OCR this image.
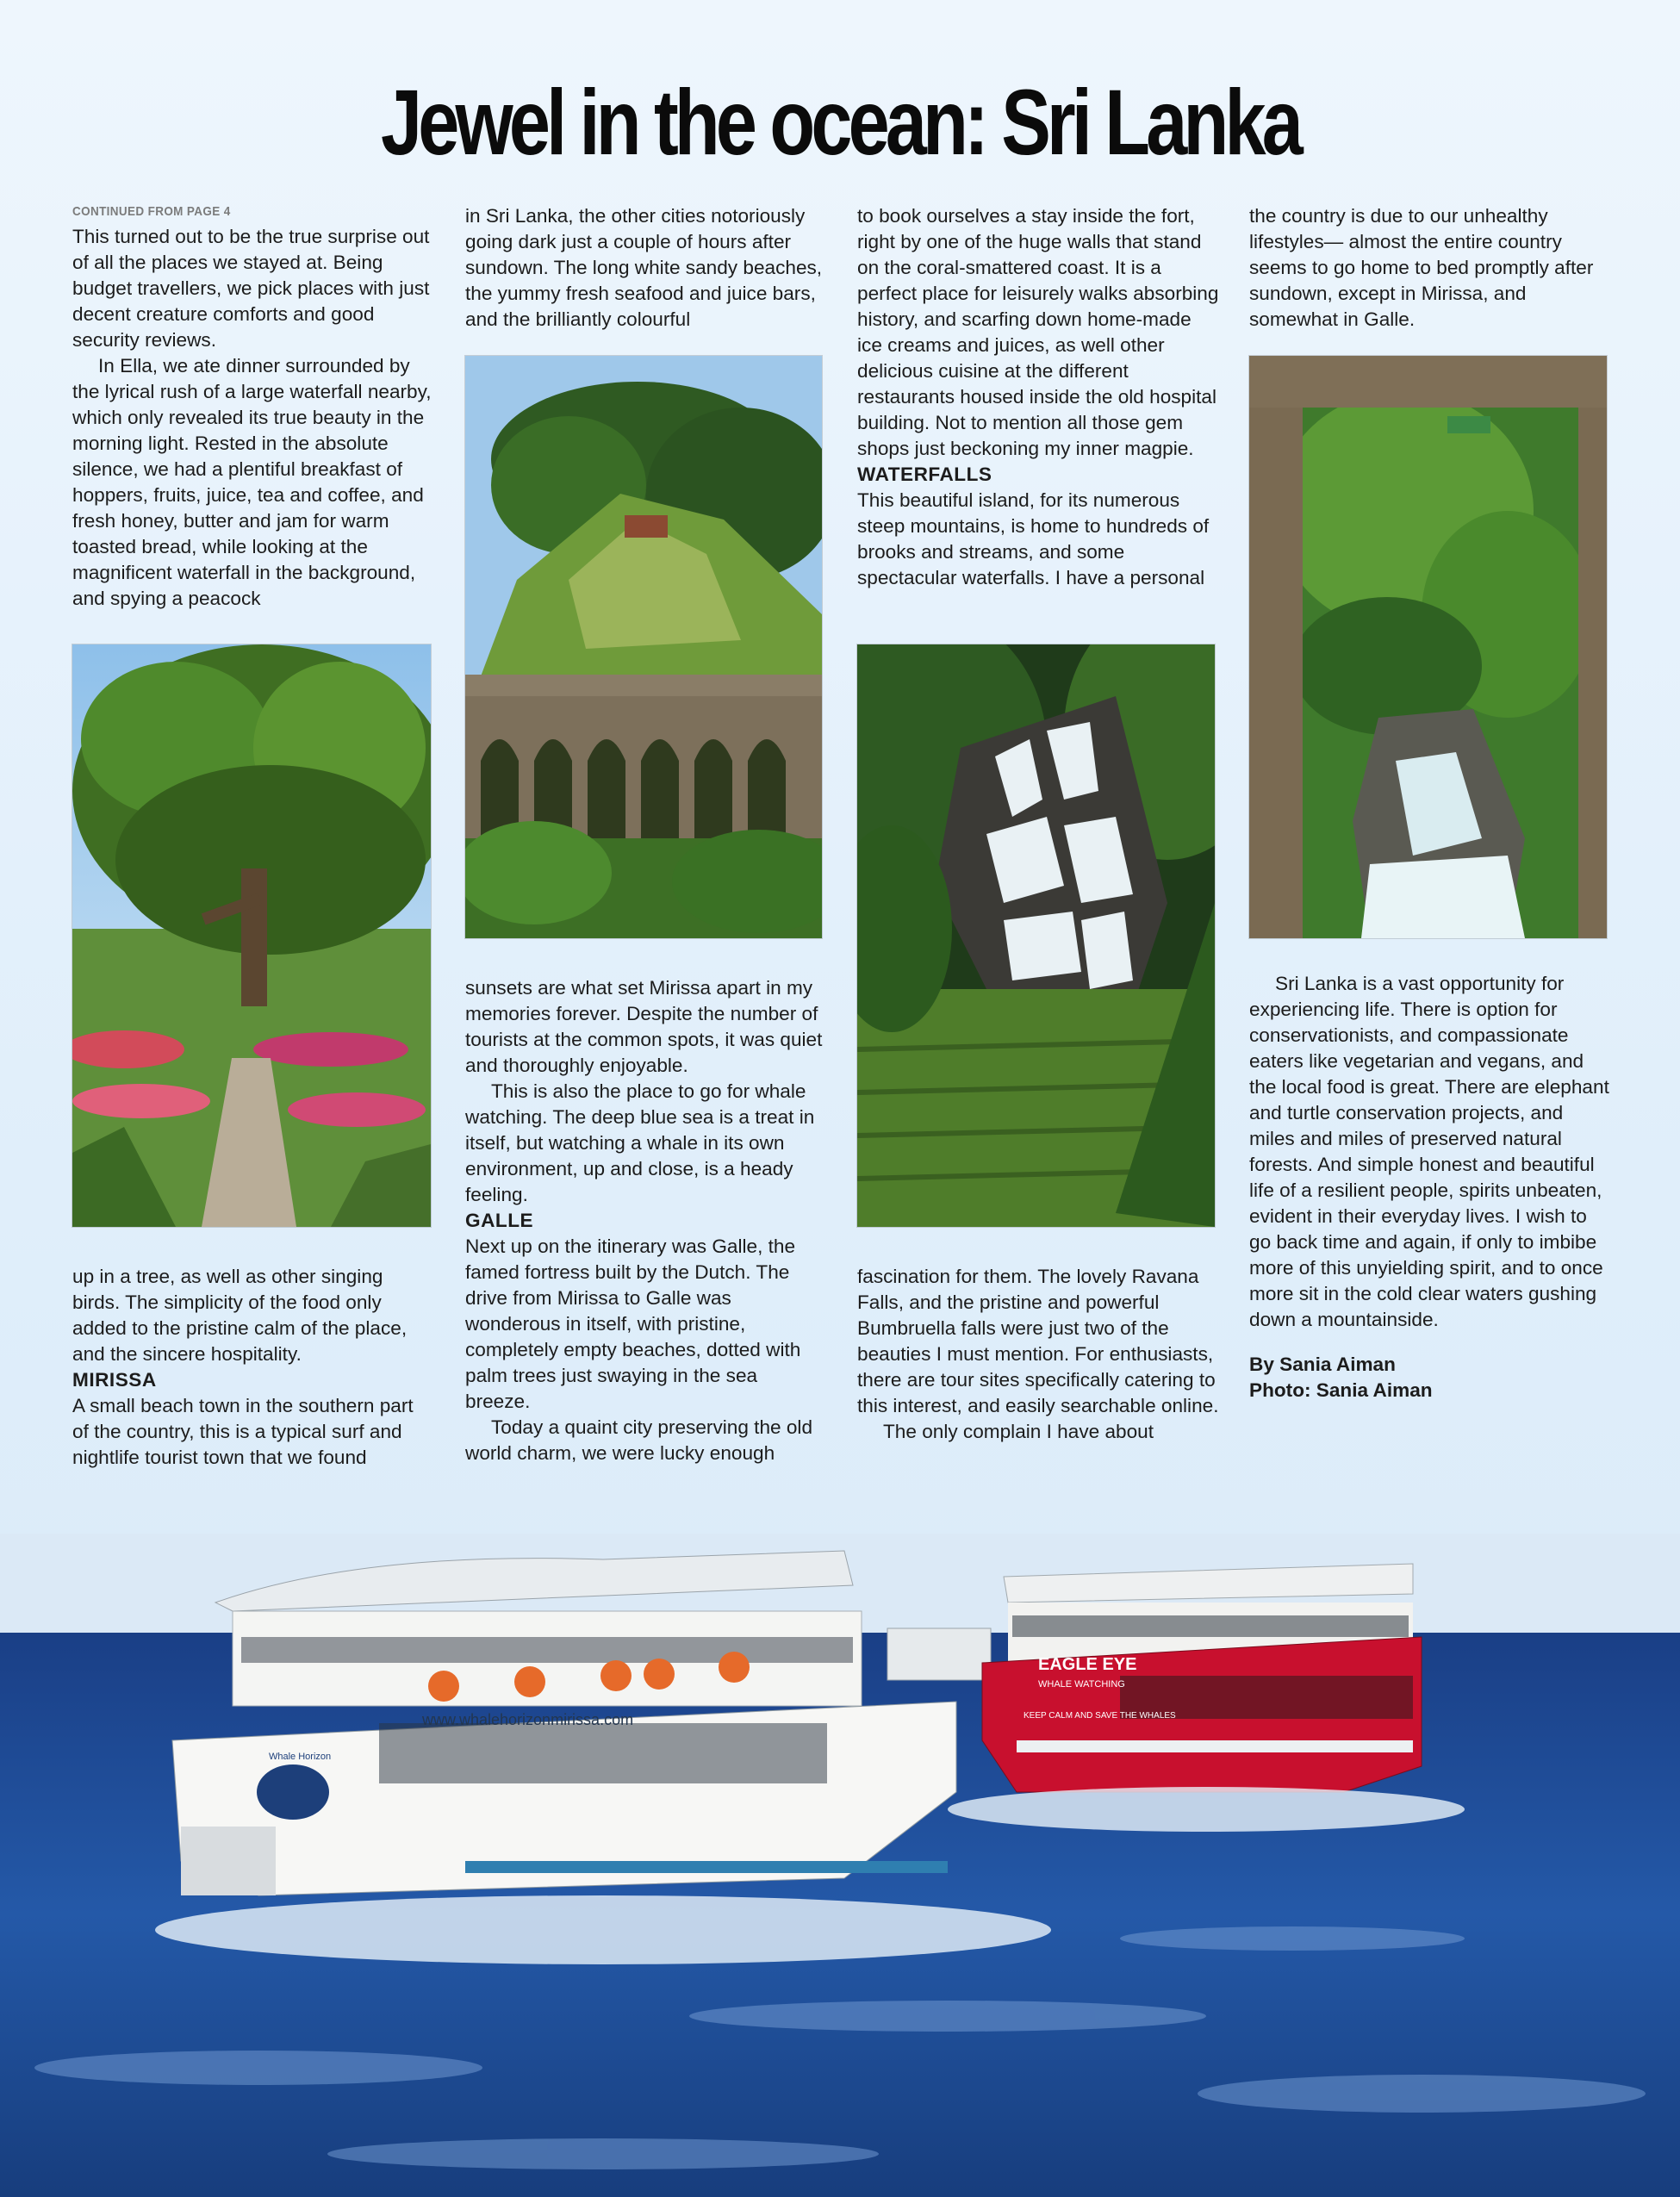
Jewel in the ocean: Sri Lanka
CONTINUED FROM PAGE 4

This turned out to be the true surprise out of all the places we stayed at. Being budget travellers, we pick places with just decent creature comforts and good security reviews.

In Ella, we ate dinner surrounded by the lyrical rush of a large waterfall nearby, which only revealed its true beauty in the morning light. Rested in the absolute silence, we had a plentiful breakfast of hoppers, fruits, juice, tea and coffee, and fresh honey, butter and jam for warm toasted bread, while looking at the magnificent waterfall in the background, and spying a peacock

in Sri Lanka, the other cities notoriously going dark just a couple of hours after sundown. The long white sandy beaches, the yummy fresh seafood and juice bars, and the brilliantly colourful

to book ourselves a stay inside the fort, right by one of the huge walls that stand on the coral-smattered coast. It is a perfect place for leisurely walks absorbing history, and scarfing down home-made ice creams and juices, as well other delicious cuisine at the different restaurants housed inside the old hospital building. Not to mention all those gem shops just beckoning my inner magpie.

WATERFALLS

This beautiful island, for its numerous steep mountains, is home to hundreds of brooks and streams, and some spectacular waterfalls. I have a personal

the country is due to our unhealthy lifestyles— almost the entire country seems to go home to bed promptly after sundown, except in Mirissa, and somewhat in Galle.

up in a tree, as well as other singing birds. The simplicity of the food only added to the pristine calm of the place, and the sincere hospitality.

MIRISSA

A small beach town in the southern part of the country, this is a typical surf and nightlife tourist town that we found

sunsets are what set Mirissa apart in my memories forever. Despite the number of tourists at the common spots, it was quiet and thoroughly enjoyable.

This is also the place to go for whale watching. The deep blue sea is a treat in itself, but watching a whale in its own environment, up and close, is a heady feeling.

GALLE

Next up on the itinerary was Galle, the famed fortress built by the Dutch. The drive from Mirissa to Galle was wonderous in itself, with pristine, completely empty beaches, dotted with palm trees just swaying in the sea breeze.

Today a quaint city preserving the old world charm, we were lucky enough

fascination for them. The lovely Ravana Falls, and the pristine and powerful Bumbruella falls were just two of the beauties I must mention. For enthusiasts, there are tour sites specifically catering to this interest, and easily searchable online.

The only complain I have about

Sri Lanka is a vast opportunity for experiencing life. There is option for conservationists, and compassionate eaters like vegetarian and vegans, and the local food is great. There are elephant and turtle conservation projects, and miles and miles of preserved natural forests. And simple honest and beautiful life of a resilient people, spirits unbeaten, evident in their everyday lives. I wish to go back time and again, if only to imbibe more of this unyielding spirit, and to once more sit in the cold clear waters gushing down a mountainside.

By Sania Aiman

Photo: Sania Aiman

www.whalehorizonmirissa.com
Whale Horizon
EAGLE EYE
WHALE WATCHING
KEEP CALM AND SAVE THE WHALES
